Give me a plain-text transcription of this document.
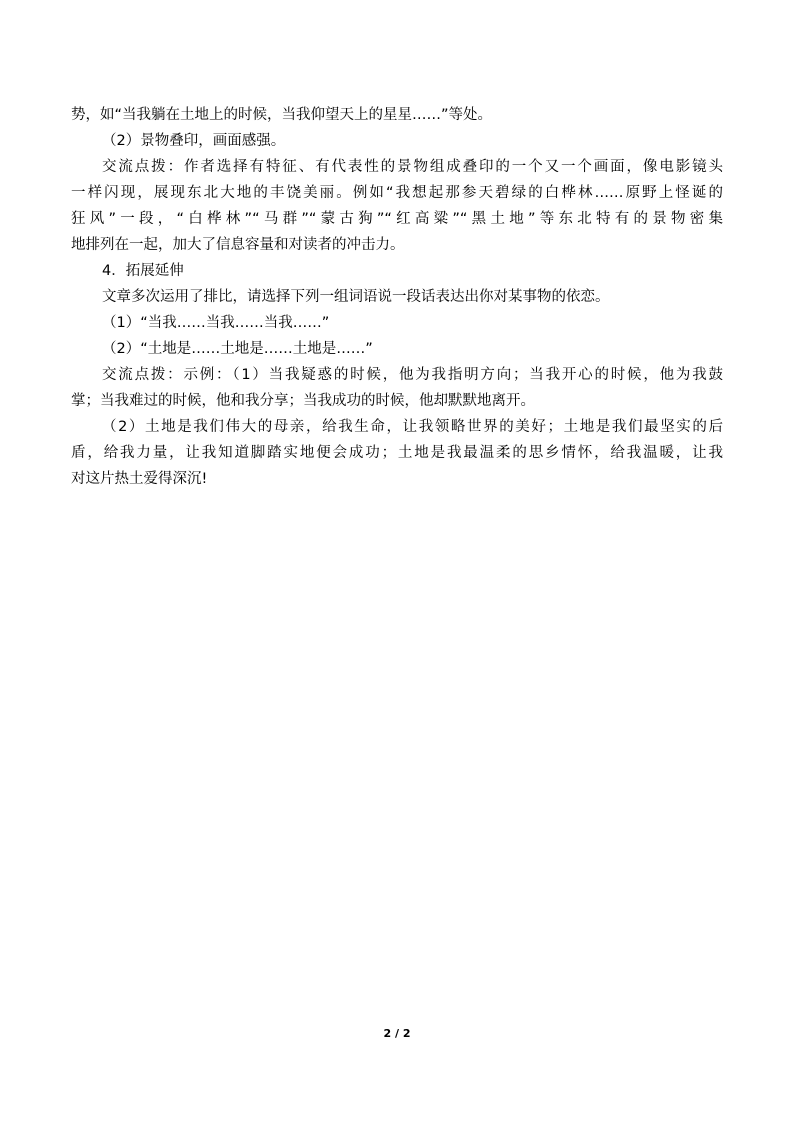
势，如“当我躺在土地上的时候，当我仰望天上的星星……”等处。
（2）景物叠印，画面感强。
交流点拨：作者选择有特征、有代表性的景物组成叠印的一个又一个画面，像电影镜头
一样闪现，展现东北大地的丰饶美丽。例如“我想起那参天碧绿的白桦林……原野上怪诞的
狂风”一段，“白桦林”“马群”“蒙古狗”“红高粱”“黑土地”等东北特有的景物密集
地排列在一起，加大了信息容量和对读者的冲击力。
4．拓展延伸
文章多次运用了排比，请选择下列一组词语说一段话表达出你对某事物的依恋。
（1）“当我……当我……当我……”
（2）“土地是……土地是……土地是……”
交流点拨：示例：（1）当我疑惑的时候，他为我指明方向；当我开心的时候，他为我鼓
掌；当我难过的时候，他和我分享；当我成功的时候，他却默默地离开。
（2）土地是我们伟大的母亲，给我生命，让我领略世界的美好；土地是我们最坚实的后
盾，给我力量，让我知道脚踏实地便会成功；土地是我最温柔的思乡情怀，给我温暖，让我
对这片热土爱得深沉!
2 / 2
